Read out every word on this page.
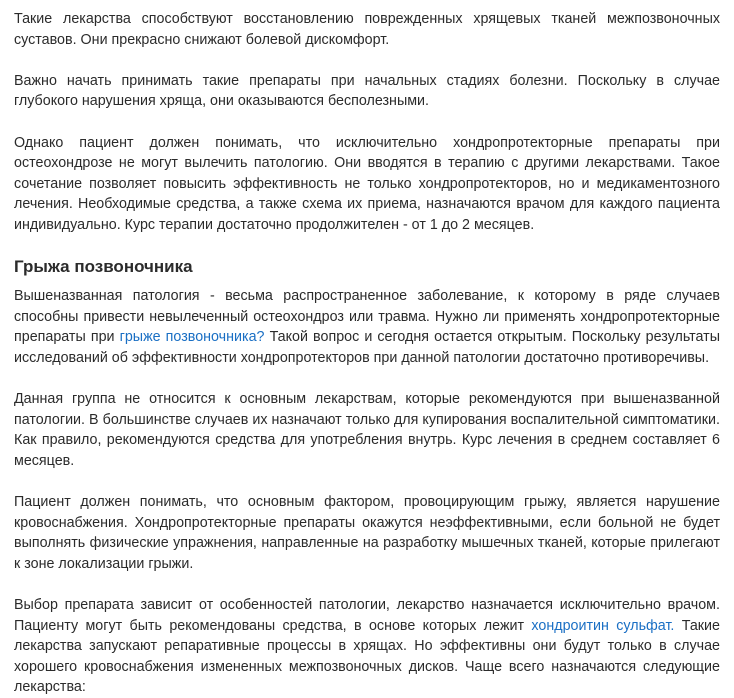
Такие лекарства способствуют восстановлению поврежденных хрящевых тканей межпозвоночных суставов. Они прекрасно снижают болевой дискомфорт.

Важно начать принимать такие препараты при начальных стадиях болезни. Поскольку в случае глубокого нарушения хряща, они оказываются бесполезными.

Однако пациент должен понимать, что исключительно хондропротекторные препараты при остеохондрозе не могут вылечить патологию. Они вводятся в терапию с другими лекарствами. Такое сочетание позволяет повысить эффективность не только хондропротекторов, но и медикаментозного лечения. Необходимые средства, а также схема их приема, назначаются врачом для каждого пациента индивидуально. Курс терапии достаточно продолжителен - от 1 до 2 месяцев.

Грыжа позвоночника

Вышеназванная патология - весьма распространенное заболевание, к которому в ряде случаев способны привести невылеченный остеохондроз или травма. Нужно ли применять хондропротекторные препараты при грыже позвоночника? Такой вопрос и сегодня остается открытым. Поскольку результаты исследований об эффективности хондропротекторов при данной патологии достаточно противоречивы.

Данная группа не относится к основным лекарствам, которые рекомендуются при вышеназванной патологии. В большинстве случаев их назначают только для купирования воспалительной симптоматики. Как правило, рекомендуются средства для употребления внутрь. Курс лечения в среднем составляет 6 месяцев.

Пациент должен понимать, что основным фактором, провоцирующим грыжу, является нарушение кровоснабжения. Хондропротекторные препараты окажутся неэффективными, если больной не будет выполнять физические упражнения, направленные на разработку мышечных тканей, которые прилегают к зоне локализации грыжи.

Выбор препарата зависит от особенностей патологии, лекарство назначается исключительно врачом. Пациенту могут быть рекомендованы средства, в основе которых лежит хондроитин сульфат. Такие лекарства запускают репаративные процессы в хрящах. Но эффективны они будут только в случае хорошего кровоснабжения измененных межпозвоночных дисков. Чаще всего назначаются следующие лекарства:
